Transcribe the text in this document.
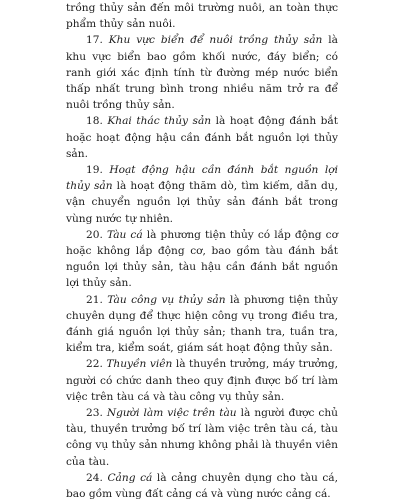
trồng thủy sản đến môi trường nuôi, an toàn thực phẩm thủy sản nuôi.

17. Khu vực biển để nuôi trồng thủy sản là khu vực biển bao gồm khối nước, đáy biển; có ranh giới xác định tính từ đường mép nước biển thấp nhất trung bình trong nhiều năm trở ra để nuôi trồng thủy sản.

18. Khai thác thủy sản là hoạt động đánh bắt hoặc hoạt động hậu cần đánh bắt nguồn lợi thủy sản.

19. Hoạt động hậu cần đánh bắt nguồn lợi thủy sản là hoạt động thăm dò, tìm kiếm, dẫn dụ, vận chuyển nguồn lợi thủy sản đánh bắt trong vùng nước tự nhiên.

20. Tàu cá là phương tiện thủy có lắp động cơ hoặc không lắp động cơ, bao gồm tàu đánh bắt nguồn lợi thủy sản, tàu hậu cần đánh bắt nguồn lợi thủy sản.

21. Tàu công vụ thủy sản là phương tiện thủy chuyên dụng để thực hiện công vụ trong điều tra, đánh giá nguồn lợi thủy sản; thanh tra, tuần tra, kiểm tra, kiểm soát, giám sát hoạt động thủy sản.

22. Thuyền viên là thuyền trưởng, máy trưởng, người có chức danh theo quy định được bố trí làm việc trên tàu cá và tàu công vụ thủy sản.

23. Người làm việc trên tàu là người được chủ tàu, thuyền trưởng bố trí làm việc trên tàu cá, tàu công vụ thủy sản nhưng không phải là thuyền viên của tàu.

24. Cảng cá là cảng chuyên dụng cho tàu cá, bao gồm vùng đất cảng cá và vùng nước cảng cá.
